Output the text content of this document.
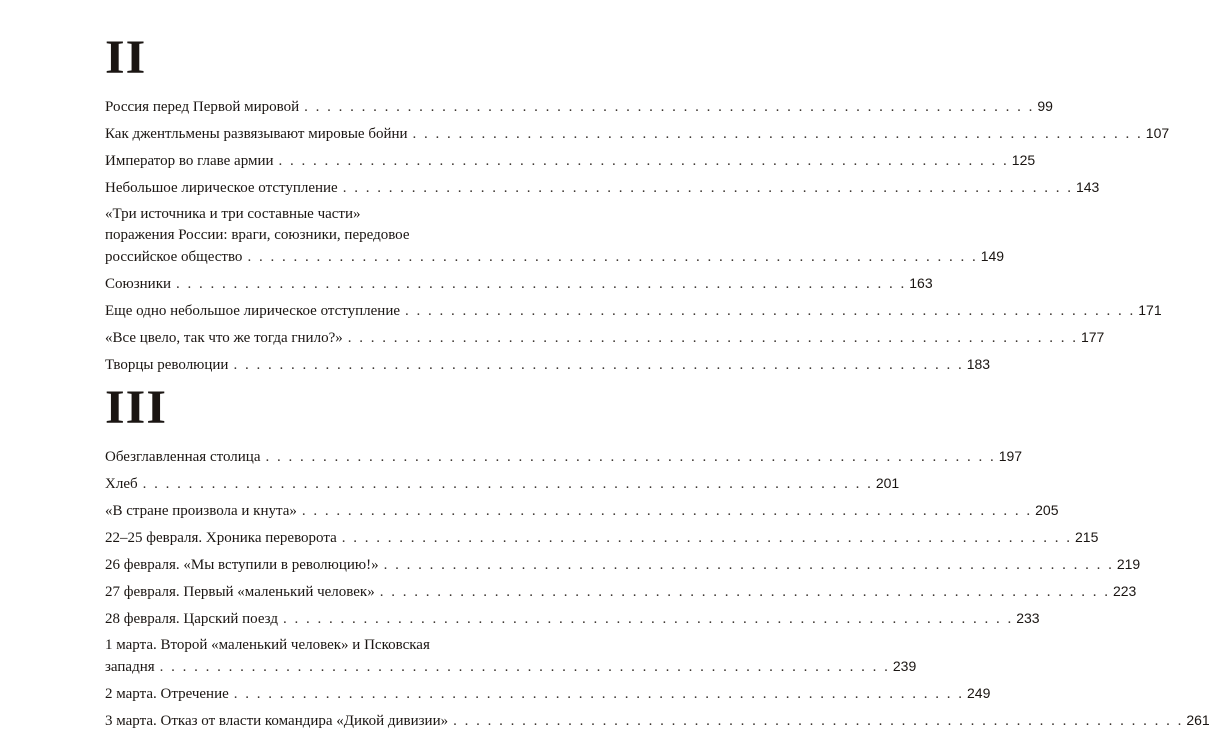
II
Россия перед Первой мировой . . . . . . . . . . . . . . . . . . . . . . . . . . . . . . . . . . . . . . . . . . . . . . . . . . . . . . . . . . . . . . . . 99
Как джентльмены развязывают мировые бойни . . . . . . . . . . . . . . . . . . . . . . . . . . . . . . . . . . . . . . . . . . . . . . . . . . . . . . . . . . . . . . . . 107
Император во главе армии . . . . . . . . . . . . . . . . . . . . . . . . . . . . . . . . . . . . . . . . . . . . . . . . . . . . . . . . . . . . . . . . 125
Небольшое лирическое отступление . . . . . . . . . . . . . . . . . . . . . . . . . . . . . . . . . . . . . . . . . . . . . . . . . . . . . . . . . . . . . . . . 143
«Три источника и три составные части»
поражения России: враги, союзники, передовое
российское общество . . . . . . . . . . . . . . . . . . . . . . . . . . . . . . . . . . . . . . . . . . . . . . . . . . . . . . . . . . . . . . . . 149
Союзники . . . . . . . . . . . . . . . . . . . . . . . . . . . . . . . . . . . . . . . . . . . . . . . . . . . . . . . . . . . . . . . . 163
Еще одно небольшое лирическое отступление . . . . . . . . . . . . . . . . . . . . . . . . . . . . . . . . . . . . . . . . . . . . . . . . . . . . . . . . . . . . . . . . 171
«Все цвело, так что же тогда гнило?» . . . . . . . . . . . . . . . . . . . . . . . . . . . . . . . . . . . . . . . . . . . . . . . . . . . . . . . . . . . . . . . . 177
Творцы революции . . . . . . . . . . . . . . . . . . . . . . . . . . . . . . . . . . . . . . . . . . . . . . . . . . . . . . . . . . . . . . . . 183
III
Обезглавленная столица . . . . . . . . . . . . . . . . . . . . . . . . . . . . . . . . . . . . . . . . . . . . . . . . . . . . . . . . . . . . . . . . 197
Хлеб . . . . . . . . . . . . . . . . . . . . . . . . . . . . . . . . . . . . . . . . . . . . . . . . . . . . . . . . . . . . . . . . 201
«В стране произвола и кнута» . . . . . . . . . . . . . . . . . . . . . . . . . . . . . . . . . . . . . . . . . . . . . . . . . . . . . . . . . . . . . . . . 205
22–25 февраля. Хроника переворота . . . . . . . . . . . . . . . . . . . . . . . . . . . . . . . . . . . . . . . . . . . . . . . . . . . . . . . . . . . . . . . . 215
26 февраля. «Мы вступили в революцию!» . . . . . . . . . . . . . . . . . . . . . . . . . . . . . . . . . . . . . . . . . . . . . . . . . . . . . . . . . . . . . . . . 219
27 февраля. Первый «маленький человек» . . . . . . . . . . . . . . . . . . . . . . . . . . . . . . . . . . . . . . . . . . . . . . . . . . . . . . . . . . . . . . . . 223
28 февраля. Царский поезд . . . . . . . . . . . . . . . . . . . . . . . . . . . . . . . . . . . . . . . . . . . . . . . . . . . . . . . . . . . . . . . . 233
1 марта. Второй «маленький человек» и Псковская
западня . . . . . . . . . . . . . . . . . . . . . . . . . . . . . . . . . . . . . . . . . . . . . . . . . . . . . . . . . . . . . . . . 239
2 марта. Отречение . . . . . . . . . . . . . . . . . . . . . . . . . . . . . . . . . . . . . . . . . . . . . . . . . . . . . . . . . . . . . . . . 249
3 марта. Отказ от власти командира «Дикой дивизии» . . . . . . . . . . . . . . . . . . . . . . . . . . . . . . . . . . . . . . . . . . . . . . . . . . . . . . . . . . . . . . . . 261
